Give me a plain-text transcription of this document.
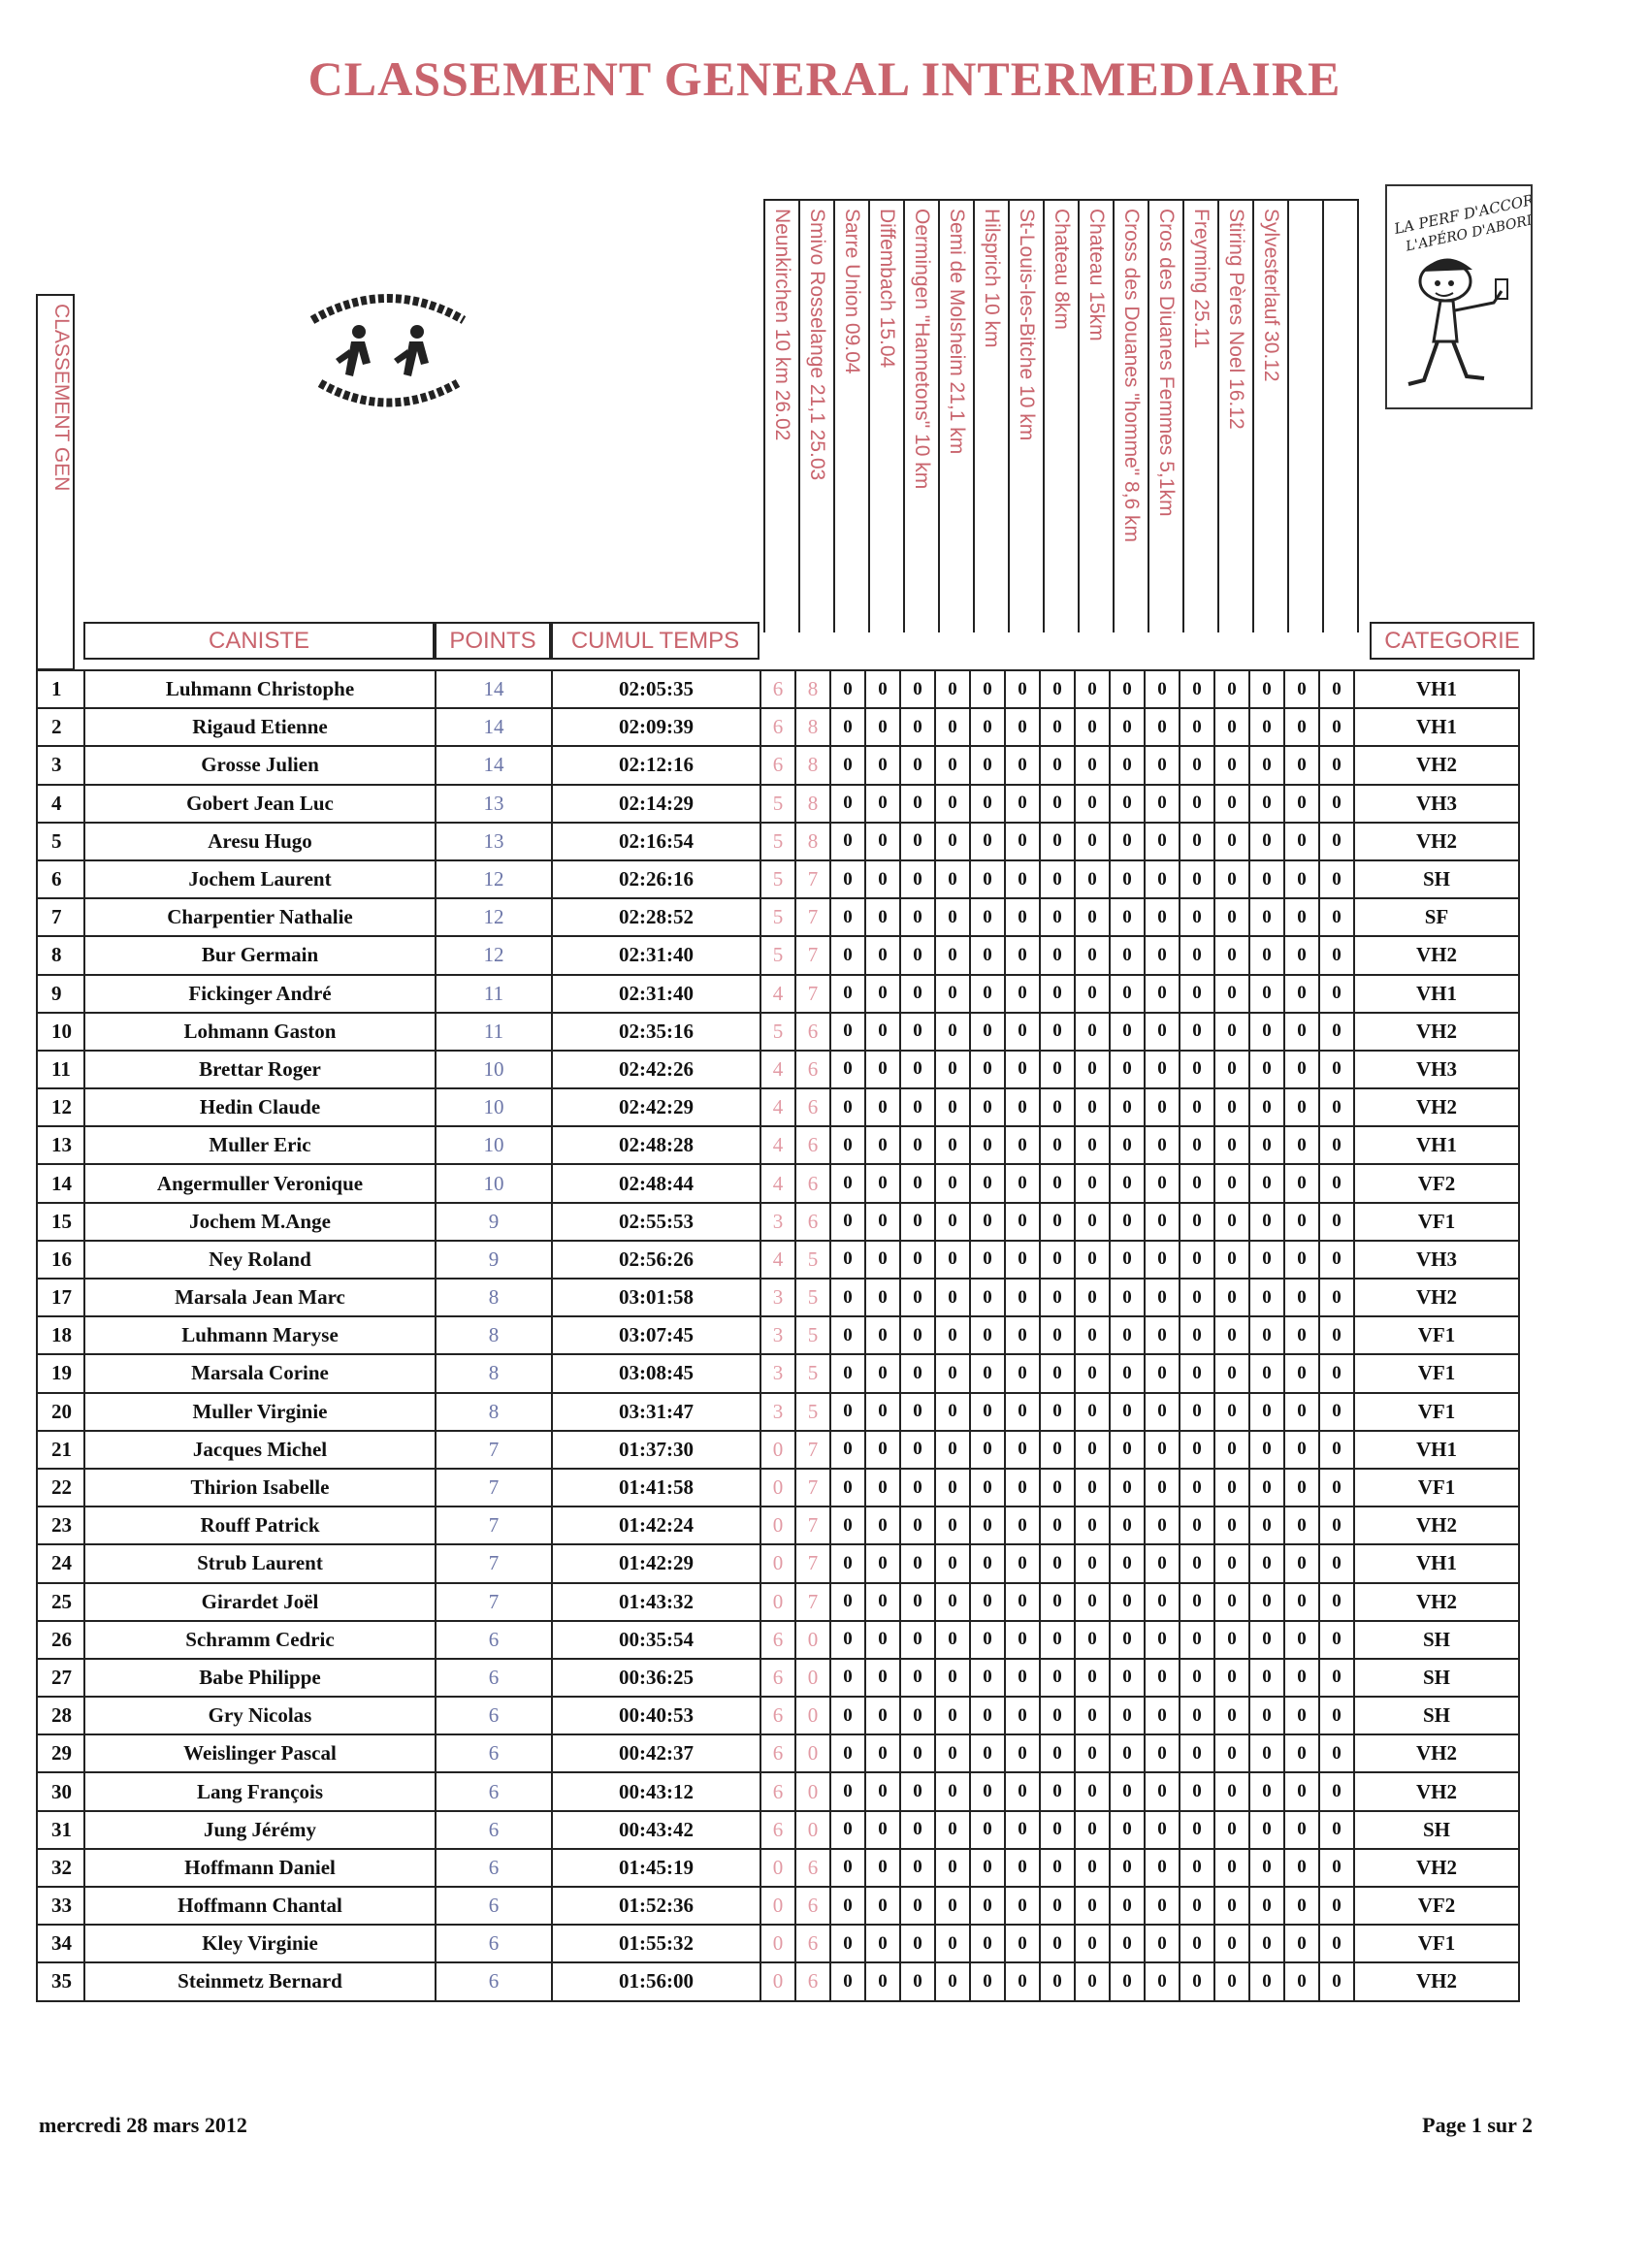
CLASSEMENT GENERAL INTERMEDIAIRE
CLASSEMENT GEN
LA PERF D'ACCORD
L'APÉRO D'ABORD
Neunkirchen 10 km 26.02 Smivo Rosselange 21,1 25.03 Sarre Union 09.04 Diffembach 15.04 Oermingen "Hannetons" 10 km Semi de Molsheim 21,1 km Hilsprich 10 km St-Louis-les-Bitche 10 km Chateau 8km Chateau 15km Cross des Douanes "homme" 8,6 km Cros des Diuanes Femmes 5,1km Freyming 25.11 Stiring Pères Noel 16.12 Sylvesterlauf 30.12
CANISTE	POINTS	CUMUL TEMPS	CATEGORIE
1	Luhmann Christophe	14	02:05:35	6	8	0	0	0	0	0	0	0	0	0	0	0	0	0	0	0	VH1
2	Rigaud Etienne	14	02:09:39	6	8	0	0	0	0	0	0	0	0	0	0	0	0	0	0	0	VH1
3	Grosse Julien	14	02:12:16	6	8	0	0	0	0	0	0	0	0	0	0	0	0	0	0	0	VH2
4	Gobert Jean Luc	13	02:14:29	5	8	0	0	0	0	0	0	0	0	0	0	0	0	0	0	0	VH3
5	Aresu Hugo	13	02:16:54	5	8	0	0	0	0	0	0	0	0	0	0	0	0	0	0	0	VH2
6	Jochem Laurent	12	02:26:16	5	7	0	0	0	0	0	0	0	0	0	0	0	0	0	0	0	SH
7	Charpentier Nathalie	12	02:28:52	5	7	0	0	0	0	0	0	0	0	0	0	0	0	0	0	0	SF
8	Bur Germain	12	02:31:40	5	7	0	0	0	0	0	0	0	0	0	0	0	0	0	0	0	VH2
9	Fickinger André	11	02:31:40	4	7	0	0	0	0	0	0	0	0	0	0	0	0	0	0	0	VH1
10	Lohmann Gaston	11	02:35:16	5	6	0	0	0	0	0	0	0	0	0	0	0	0	0	0	0	VH2
11	Brettar Roger	10	02:42:26	4	6	0	0	0	0	0	0	0	0	0	0	0	0	0	0	0	VH3
12	Hedin Claude	10	02:42:29	4	6	0	0	0	0	0	0	0	0	0	0	0	0	0	0	0	VH2
13	Muller Eric	10	02:48:28	4	6	0	0	0	0	0	0	0	0	0	0	0	0	0	0	0	VH1
14	Angermuller Veronique	10	02:48:44	4	6	0	0	0	0	0	0	0	0	0	0	0	0	0	0	0	VF2
15	Jochem M.Ange	9	02:55:53	3	6	0	0	0	0	0	0	0	0	0	0	0	0	0	0	0	VF1
16	Ney Roland	9	02:56:26	4	5	0	0	0	0	0	0	0	0	0	0	0	0	0	0	0	VH3
17	Marsala Jean Marc	8	03:01:58	3	5	0	0	0	0	0	0	0	0	0	0	0	0	0	0	0	VH2
18	Luhmann Maryse	8	03:07:45	3	5	0	0	0	0	0	0	0	0	0	0	0	0	0	0	0	VF1
19	Marsala Corine	8	03:08:45	3	5	0	0	0	0	0	0	0	0	0	0	0	0	0	0	0	VF1
20	Muller Virginie	8	03:31:47	3	5	0	0	0	0	0	0	0	0	0	0	0	0	0	0	0	VF1
21	Jacques Michel	7	01:37:30	0	7	0	0	0	0	0	0	0	0	0	0	0	0	0	0	0	VH1
22	Thirion Isabelle	7	01:41:58	0	7	0	0	0	0	0	0	0	0	0	0	0	0	0	0	0	VF1
23	Rouff Patrick	7	01:42:24	0	7	0	0	0	0	0	0	0	0	0	0	0	0	0	0	0	VH2
24	Strub Laurent	7	01:42:29	0	7	0	0	0	0	0	0	0	0	0	0	0	0	0	0	0	VH1
25	Girardet Joël	7	01:43:32	0	7	0	0	0	0	0	0	0	0	0	0	0	0	0	0	0	VH2
26	Schramm Cedric	6	00:35:54	6	0	0	0	0	0	0	0	0	0	0	0	0	0	0	0	0	SH
27	Babe Philippe	6	00:36:25	6	0	0	0	0	0	0	0	0	0	0	0	0	0	0	0	0	SH
28	Gry Nicolas	6	00:40:53	6	0	0	0	0	0	0	0	0	0	0	0	0	0	0	0	0	SH
29	Weislinger Pascal	6	00:42:37	6	0	0	0	0	0	0	0	0	0	0	0	0	0	0	0	0	VH2
30	Lang François	6	00:43:12	6	0	0	0	0	0	0	0	0	0	0	0	0	0	0	0	0	VH2
31	Jung Jérémy	6	00:43:42	6	0	0	0	0	0	0	0	0	0	0	0	0	0	0	0	0	SH
32	Hoffmann Daniel	6	01:45:19	0	6	0	0	0	0	0	0	0	0	0	0	0	0	0	0	0	VH2
33	Hoffmann Chantal	6	01:52:36	0	6	0	0	0	0	0	0	0	0	0	0	0	0	0	0	0	VF2
34	Kley Virginie	6	01:55:32	0	6	0	0	0	0	0	0	0	0	0	0	0	0	0	0	0	VF1
35	Steinmetz Bernard	6	01:56:00	0	6	0	0	0	0	0	0	0	0	0	0	0	0	0	0	0	VH2
mercredi 28 mars 2012	Page 1 sur 2
